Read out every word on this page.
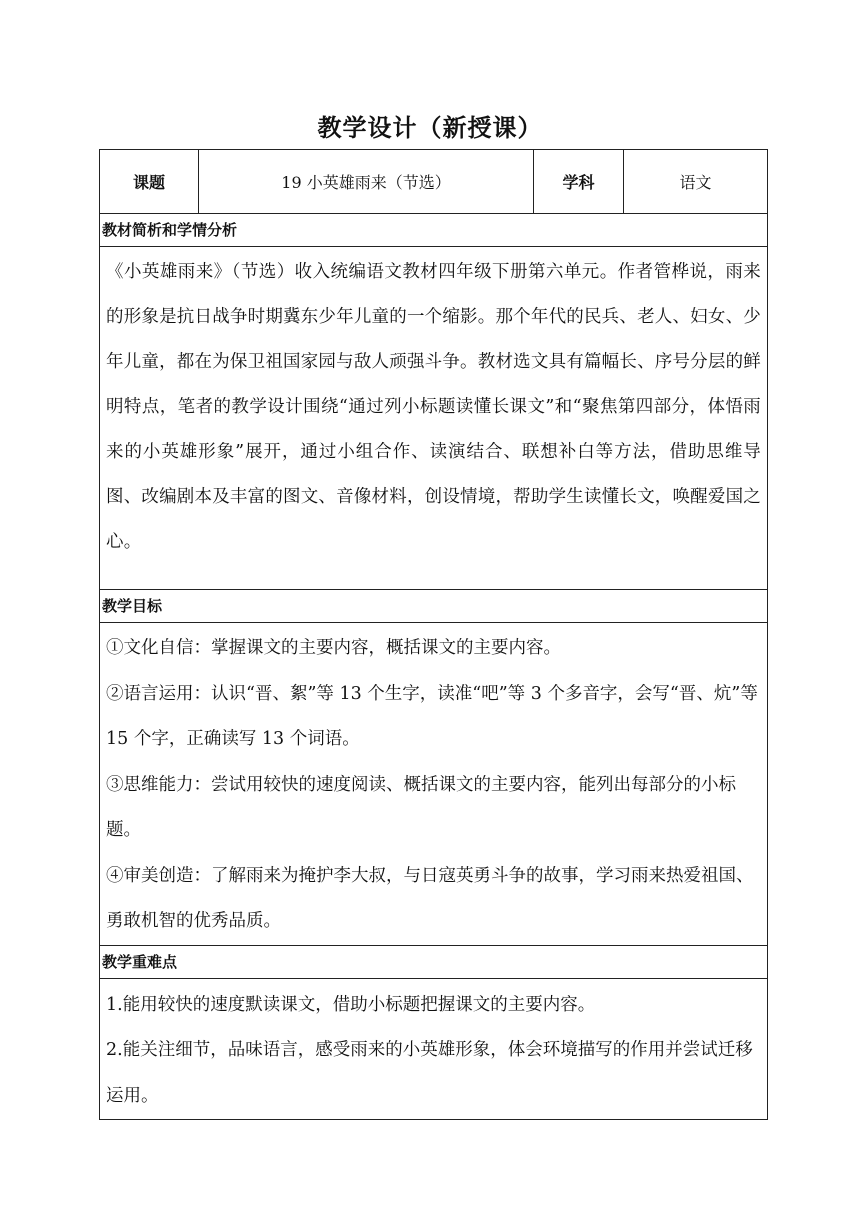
教学设计（新授课）
课题	19 小英雄雨来（节选）	学科	语文
教材简析和学情分析
《小英雄雨来》（节选）收入统编语文教材四年级下册第六单元。作者管桦说，雨来的形象是抗日战争时期冀东少年儿童的一个缩影。那个年代的民兵、老人、妇女、少年儿童，都在为保卫祖国家园与敌人顽强斗争。教材选文具有篇幅长、序号分层的鲜明特点，笔者的教学设计围绕“通过列小标题读懂长课文”和“聚焦第四部分，体悟雨来的小英雄形象”展开，通过小组合作、读演结合、联想补白等方法，借助思维导图、改编剧本及丰富的图文、音像材料，创设情境，帮助学生读懂长文，唤醒爱国之心。
教学目标

①文化自信：掌握课文的主要内容，概括课文的主要内容。

②语言运用：认识“晋、絮”等 13 个生字，读准“吧”等 3 个多音字，会写“晋、炕”等 15 个字，正确读写 13 个词语。

③思维能力：尝试用较快的速度阅读、概括课文的主要内容，能列出每部分的小标题。

④审美创造：了解雨来为掩护李大叔，与日寇英勇斗争的故事，学习雨来热爱祖国、勇敢机智的优秀品质。

教学重难点

1.能用较快的速度默读课文，借助小标题把握课文的主要内容。

2.能关注细节，品味语言，感受雨来的小英雄形象，体会环境描写的作用并尝试迁移运用。
